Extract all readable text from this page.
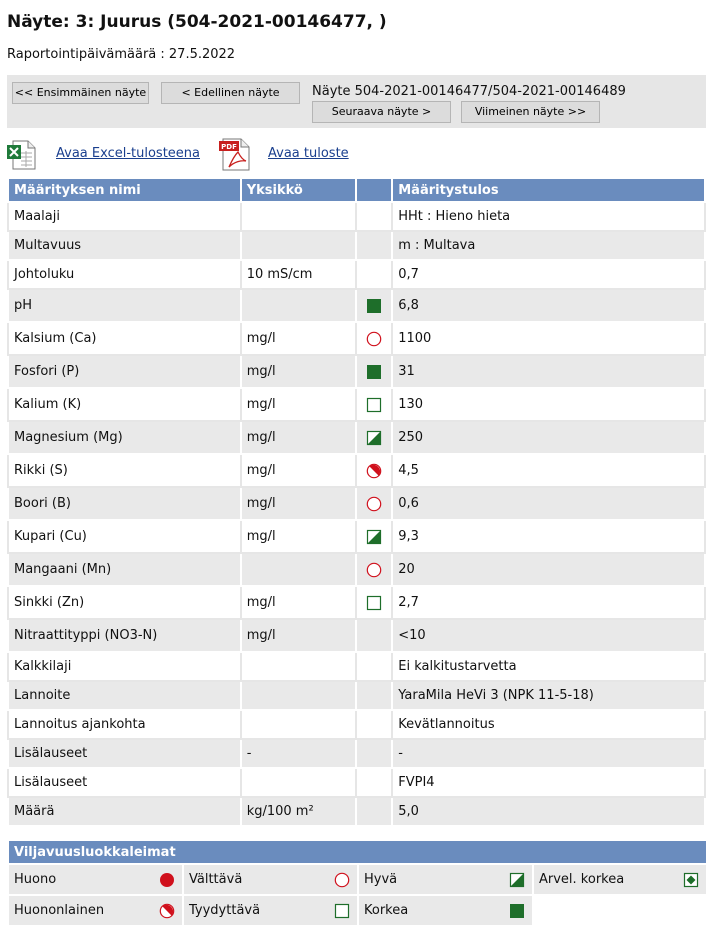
Näyte: 3: Juurus (504-2021-00146477, )
Raportointipäivämäärä : 27.5.2022
<< Ensimmäinen näyte	< Edellinen näyte	Näyte 504-2021-00146477/504-2021-00146489
Seuraava näyte >	Viimeinen näyte >>
Avaa Excel-tulosteena	PDF Avaa tuloste
Määrityksen nimi	Yksikkö		Määritystulos
Maalaji			HHt : Hieno hieta
Multavuus			m : Multava
Johtoluku	10 mS/cm		0,7
pH			6,8
Kalsium (Ca)	mg/l		1100
Fosfori (P)	mg/l		31
Kalium (K)	mg/l		130
Magnesium (Mg)	mg/l		250
Rikki (S)	mg/l		4,5
Boori (B)	mg/l		0,6
Kupari (Cu)	mg/l		9,3
Mangaani (Mn)			20
Sinkki (Zn)	mg/l		2,7
Nitraattityppi (NO3-N)	mg/l		<10
Kalkkilaji			Ei kalkitustarvetta
Lannoite			YaraMila HeVi 3 (NPK 11-5-18)
Lannoitus ajankohta			Kevätlannoitus
Lisälauseet	-		-
Lisälauseet			FVPI4
Määrä	kg/100 m²		5,0
Viljavuusluokkaleimat			
Huono	Välttävä	Hyvä	Arvel. korkea

Huononlainen	Tyydyttävä	Korkea
